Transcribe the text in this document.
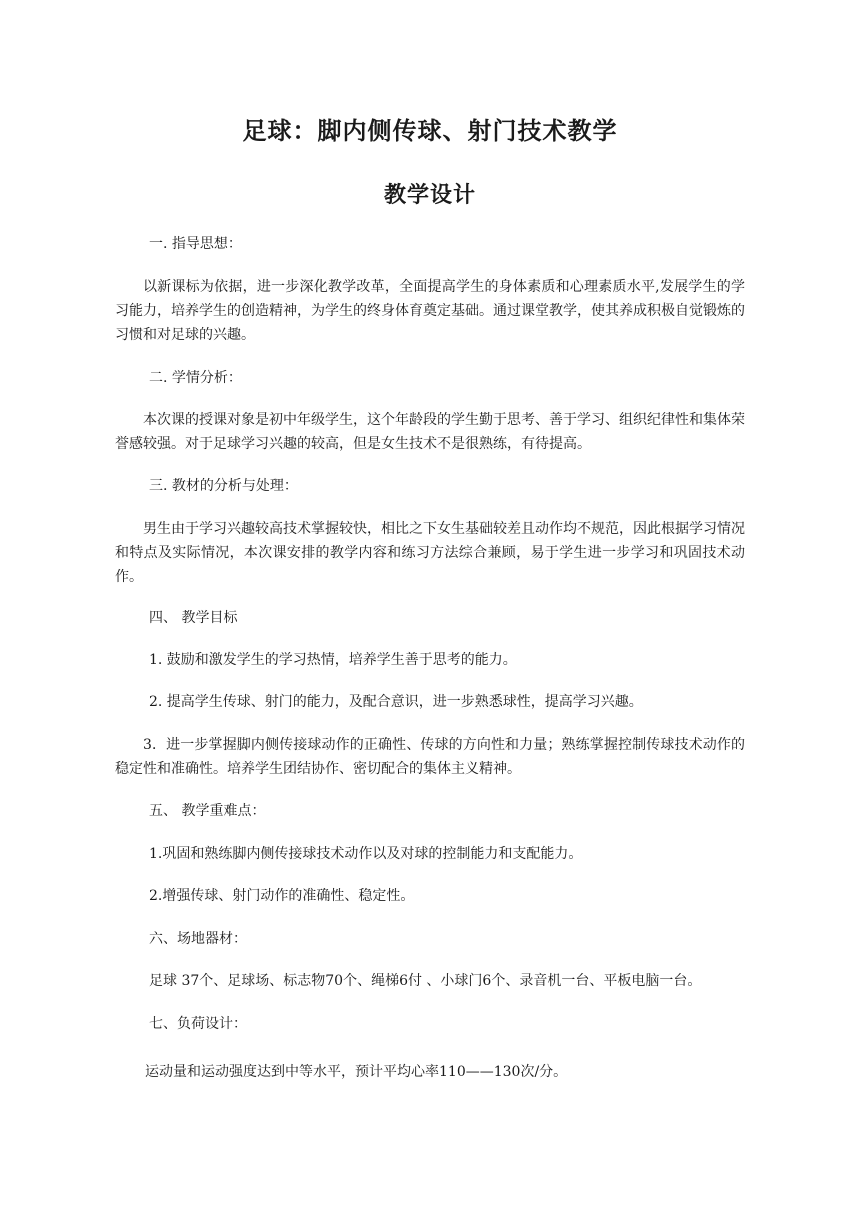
足球：脚内侧传球、射门技术教学
教学设计
一. 指导思想：
以新课标为依据，进一步深化教学改革，全面提高学生的身体素质和心理素质水平,发展学生的学习能力，培养学生的创造精神，为学生的终身体育奠定基础。通过课堂教学，使其养成积极自觉锻炼的习惯和对足球的兴趣。
二. 学情分析：
本次课的授课对象是初中年级学生，这个年龄段的学生勤于思考、善于学习、组织纪律性和集体荣誉感较强。对于足球学习兴趣的较高，但是女生技术不是很熟练，有待提高。
三. 教材的分析与处理：
男生由于学习兴趣较高技术掌握较快，相比之下女生基础较差且动作均不规范，因此根据学习情况和特点及实际情况，本次课安排的教学内容和练习方法综合兼顾，易于学生进一步学习和巩固技术动作。
四、 教学目标
1. 鼓励和激发学生的学习热情，培养学生善于思考的能力。
2. 提高学生传球、射门的能力，及配合意识，进一步熟悉球性，提高学习兴趣。
3．进一步掌握脚内侧传接球动作的正确性、传球的方向性和力量；熟练掌握控制传球技术动作的稳定性和准确性。培养学生团结协作、密切配合的集体主义精神。
五、 教学重难点：
1.巩固和熟练脚内侧传接球技术动作以及对球的控制能力和支配能力。
2.增强传球、射门动作的准确性、稳定性。
六、场地器材：
足球 37个、足球场、标志物70个、绳梯6付 、小球门6个、录音机一台、平板电脑一台。
七、负荷设计：
运动量和运动强度达到中等水平，预计平均心率110——130次/分。
